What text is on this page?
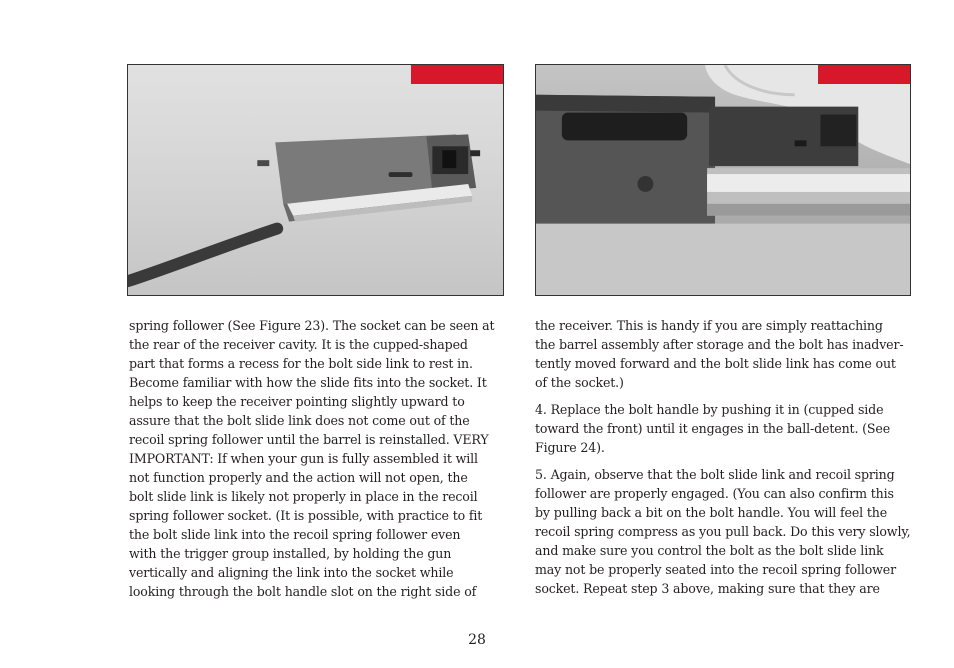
spring follower (See Figure 23). The socket can be seen at
the rear of the receiver cavity. It is the cupped-shaped
part that forms a recess for the bolt side link to rest in.
Become familiar with how the slide fits into the socket. It
helps to keep the receiver pointing slightly upward to
assure that the bolt slide link does not come out of the
recoil spring follower until the barrel is reinstalled. VERY
IMPORTANT: If when your gun is fully assembled it will
not function properly and the action will not open, the
bolt slide link is likely not properly in place in the recoil
spring follower socket. (It is possible, with practice to fit
the bolt slide link into the recoil spring follower even
with the trigger group installed, by holding the gun
vertically and aligning the link into the socket while
looking through the bolt handle slot on the right side of

the receiver. This is handy if you are simply reattaching
the barrel assembly after storage and the bolt has inadver-
tently moved forward and the bolt slide link has come out
of the socket.)

4. Replace the bolt handle by pushing it in (cupped side
toward the front) until it engages in the ball-detent. (See
Figure 24).

5. Again, observe that the bolt slide link and recoil spring
follower are properly engaged. (You can also confirm this
by pulling back a bit on the bolt handle. You will feel the
recoil spring compress as you pull back. Do this very slowly,
and make sure you control the bolt as the bolt slide link
may not be properly seated into the recoil spring follower
socket. Repeat step 3 above, making sure that they are

28
